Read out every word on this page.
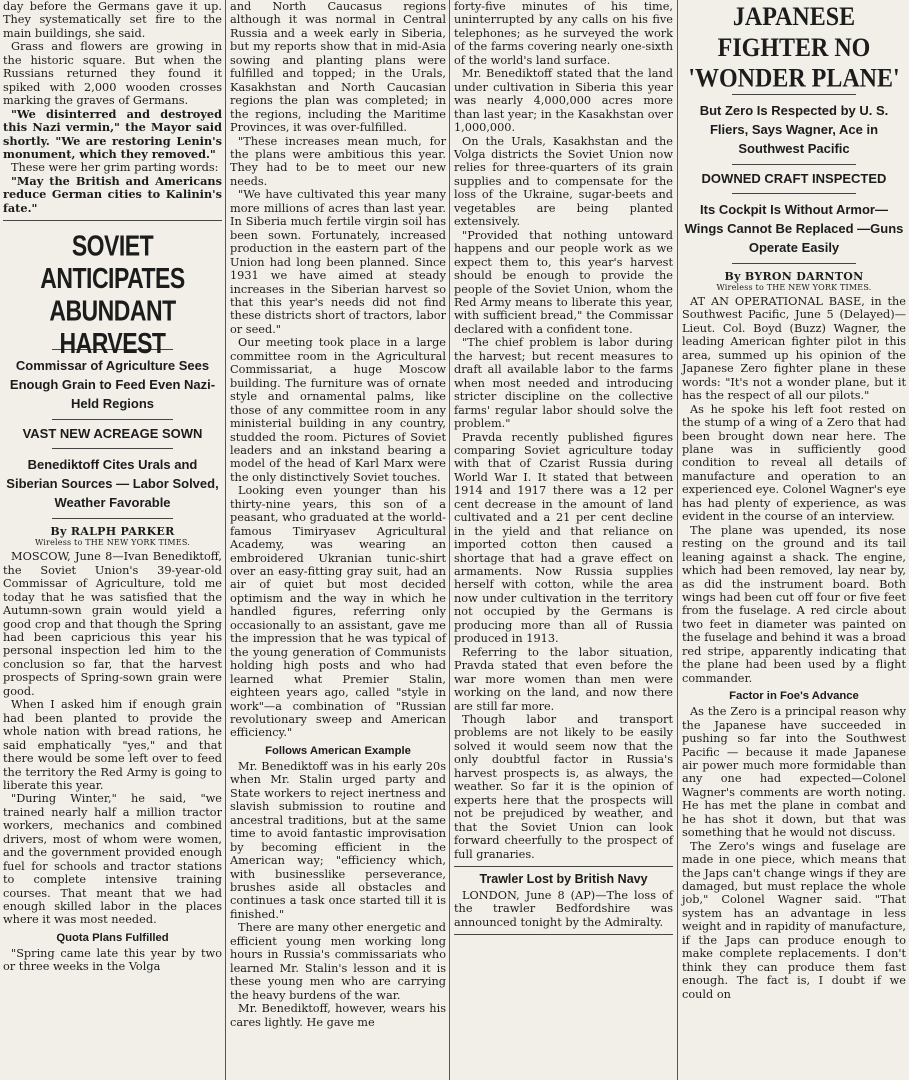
day before the Germans gave it up. They systematically set fire to the main buildings, she said.

Grass and flowers are growing in the historic square. But when the Russians returned they found it spiked with 2,000 wooden crosses marking the graves of Germans.

"We disinterred and destroyed this Nazi vermin," the Mayor said shortly. "We are restoring Lenin's monument, which they removed."

These were her grim parting words:

"May the British and Americans reduce German cities to Kalinin's fate."

SOVIET ANTICIPATES ABUNDANT HARVEST
Commissar of Agriculture Sees Enough Grain to Feed Even Nazi-Held Regions
VAST NEW ACREAGE SOWN
Benediktoff Cites Urals and Siberian Sources — Labor Solved, Weather Favorable
By RALPH PARKER
Wireless to THE NEW YORK TIMES.

MOSCOW, June 8—Ivan Benediktoff, the Soviet Union's 39-year-old Commissar of Agriculture, told me today that he was satisfied that the Autumn-sown grain would yield a good crop and that though the Spring had been capricious this year his personal inspection led him to the conclusion so far, that the harvest prospects of Spring-sown grain were good.

When I asked him if enough grain had been planted to provide the whole nation with bread rations, he said emphatically "yes," and that there would be some left over to feed the territory the Red Army is going to liberate this year.

"During Winter," he said, "we trained nearly half a million tractor workers, mechanics and combined drivers, most of whom were women, and the government provided enough fuel for schools and tractor stations to complete intensive training courses. That meant that we had enough skilled labor in the places where it was most needed.

Quota Plans Fulfilled

"Spring came late this year by two or three weeks in the Volga

and North Caucasus regions although it was normal in Central Russia and a week early in Siberia, but my reports show that in mid-Asia sowing and planting plans were fulfilled and topped; in the Urals, Kasakhstan and North Caucasian regions the plan was completed; in the regions, including the Maritime Provinces, it was over-fulfilled.

"These increases mean much, for the plans were ambitious this year. They had to be to meet our new needs.

"We have cultivated this year many more millions of acres than last year. In Siberia much fertile virgin soil has been sown. Fortunately, increased production in the eastern part of the Union had long been planned. Since 1931 we have aimed at steady increases in the Siberian harvest so that this year's needs did not find these districts short of tractors, labor or seed."

Our meeting took place in a large committee room in the Agricultural Commissariat, a huge Moscow building. The furniture was of ornate style and ornamental palms, like those of any committee room in any ministerial building in any country, studded the room. Pictures of Soviet leaders and an inkstand bearing a model of the head of Karl Marx were the only distinctively Soviet touches.

Looking even younger than his thirty-nine years, this son of a peasant, who graduated at the world-famous Timiryasev Agricultural Academy, was wearing an embroidered Ukranian tunic-shirt over an easy-fitting gray suit, had an air of quiet but most decided optimism and the way in which he handled figures, referring only occasionally to an assistant, gave me the impression that he was typical of the young generation of Communists holding high posts and who had learned what Premier Stalin, eighteen years ago, called "style in work"—a combination of "Russian revolutionary sweep and American efficiency."

Follows American Example

Mr. Benediktoff was in his early 20s when Mr. Stalin urged party and State workers to reject inertness and slavish submission to routine and ancestral traditions, but at the same time to avoid fantastic improvisation by becoming efficient in the American way; "efficiency which, with businesslike perseverance, brushes aside all obstacles and continues a task once started till it is finished."

There are many other energetic and efficient young men working long hours in Russia's commissariats who learned Mr. Stalin's lesson and it is these young men who are carrying the heavy burdens of the war.

Mr. Benediktoff, however, wears his cares lightly. He gave me

forty-five minutes of his time, uninterrupted by any calls on his five telephones; as he surveyed the work of the farms covering nearly one-sixth of the world's land surface.

Mr. Benediktoff stated that the land under cultivation in Siberia this year was nearly 4,000,000 acres more than last year; in the Kasakhstan over 1,000,000.

On the Urals, Kasakhstan and the Volga districts the Soviet Union now relies for three-quarters of its grain supplies and to compensate for the loss of the Ukraine, sugar-beets and vegetables are being planted extensively.

"Provided that nothing untoward happens and our people work as we expect them to, this year's harvest should be enough to provide the people of the Soviet Union, whom the Red Army means to liberate this year, with sufficient bread," the Commissar declared with a confident tone.

"The chief problem is labor during the harvest; but recent measures to draft all available labor to the farms when most needed and introducing stricter discipline on the collective farms' regular labor should solve the problem."

Pravda recently published figures comparing Soviet agriculture today with that of Czarist Russia during World War I. It stated that between 1914 and 1917 there was a 12 per cent decrease in the amount of land cultivated and a 21 per cent decline in the yield and that reliance on imported cotton then caused a shortage that had a grave effect on armaments. Now Russia supplies herself with cotton, while the area now under cultivation in the territory not occupied by the Germans is producing more than all of Russia produced in 1913.

Referring to the labor situation, Pravda stated that even before the war more women than men were working on the land, and now there are still far more.

Though labor and transport problems are not likely to be easily solved it would seem now that the only doubtful factor in Russia's harvest prospects is, as always, the weather. So far it is the opinion of experts here that the prospects will not be prejudiced by weather, and that the Soviet Union can look forward cheerfully to the prospect of full granaries.

Trawler Lost by British Navy

LONDON, June 8 (AP)—The loss of the trawler Bedfordshire was announced tonight by the Admiralty.

JAPANESE FIGHTER NO 'WONDER PLANE'
But Zero Is Respected by U. S. Fliers, Says Wagner, Ace in Southwest Pacific
DOWNED CRAFT INSPECTED
Its Cockpit Is Without Armor—Wings Cannot Be Replaced —Guns Operate Easily
By BYRON DARNTON
Wireless to THE NEW YORK TIMES.

AT AN OPERATIONAL BASE, in the Southwest Pacific, June 5 (Delayed)—Lieut. Col. Boyd (Buzz) Wagner, the leading American fighter pilot in this area, summed up his opinion of the Japanese Zero fighter plane in these words: "It's not a wonder plane, but it has the respect of all our pilots."

As he spoke his left foot rested on the stump of a wing of a Zero that had been brought down near here. The plane was in sufficiently good condition to reveal all details of manufacture and operation to an experienced eye. Colonel Wagner's eye has had plenty of experience, as was evident in the course of an interview.

The plane was upended, its nose resting on the ground and its tail leaning against a shack. The engine, which had been removed, lay near by, as did the instrument board. Both wings had been cut off four or five feet from the fuselage. A red circle about two feet in diameter was painted on the fuselage and behind it was a broad red stripe, apparently indicating that the plane had been used by a flight commander.

Factor in Foe's Advance

As the Zero is a principal reason why the Japanese have succeeded in pushing so far into the Southwest Pacific — because it made Japanese air power much more formidable than any one had expected—Colonel Wagner's comments are worth noting. He has met the plane in combat and he has shot it down, but that was something that he would not discuss.

The Zero's wings and fuselage are made in one piece, which means that the Japs can't change wings if they are damaged, but must replace the whole job," Colonel Wagner said. "That system has an advantage in less weight and in rapidity of manufacture, if the Japs can produce enough to make complete replacements. I don't think they can produce them fast enough. The fact is, I doubt if we could on
